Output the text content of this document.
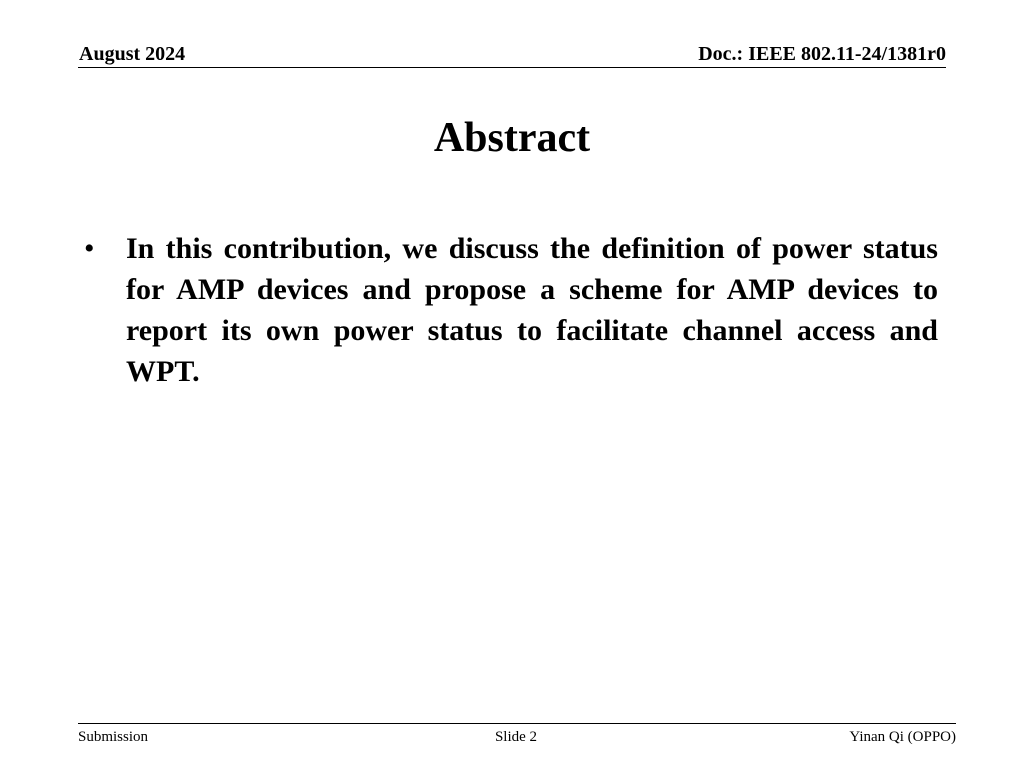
August 2024	Doc.: IEEE 802.11-24/1381r0
Abstract
• In this contribution, we discuss the definition of power status for AMP devices and propose a scheme for AMP devices to report its own power status to facilitate channel access and WPT.
Submission	Slide 2	Yinan Qi (OPPO)
